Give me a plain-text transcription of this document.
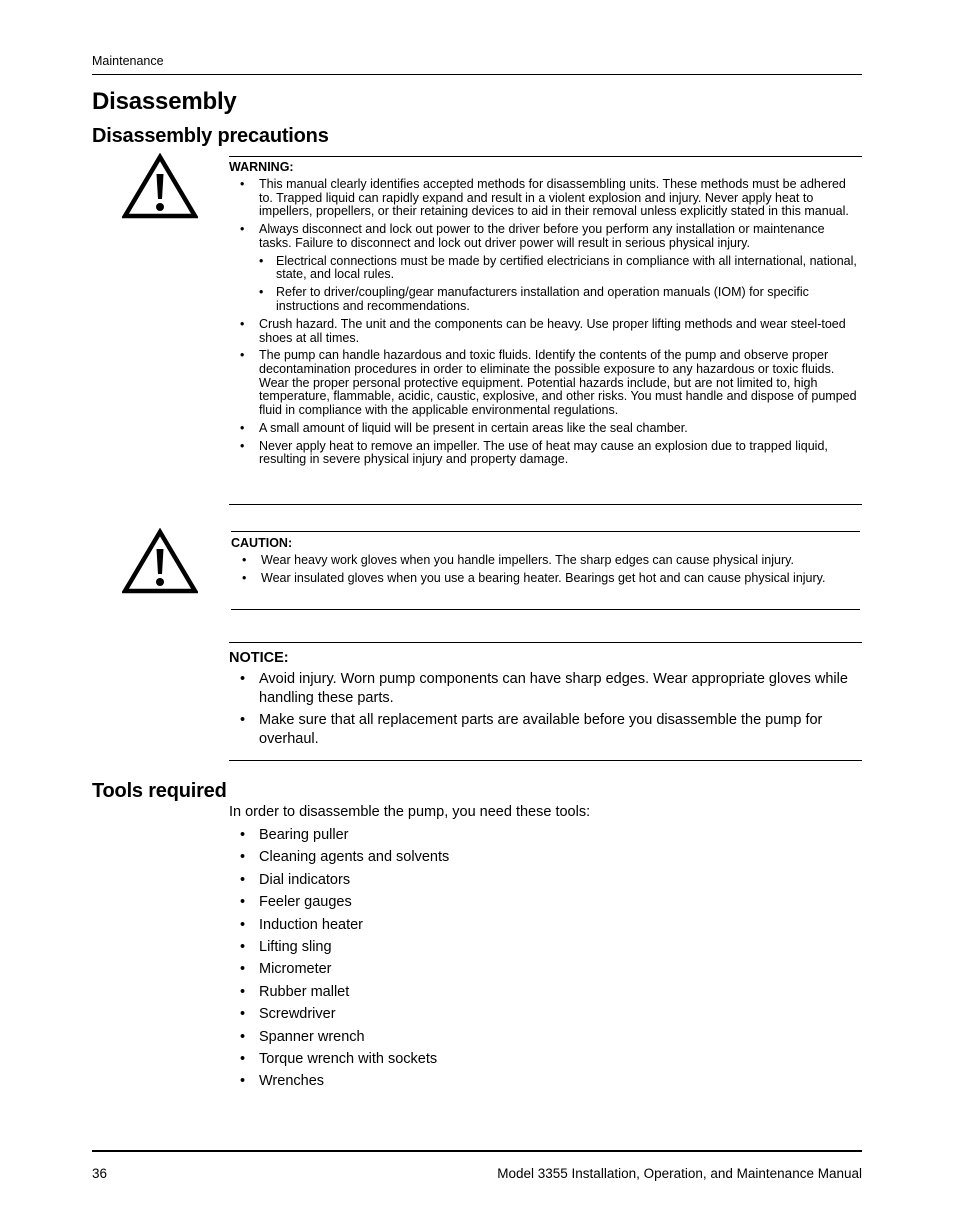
Maintenance
Disassembly
Disassembly precautions
WARNING:
• This manual clearly identifies accepted methods for disassembling units. These methods must be adhered to. Trapped liquid can rapidly expand and result in a violent explosion and injury. Never apply heat to impellers, propellers, or their retaining devices to aid in their removal unless explicitly stated in this manual.
• Always disconnect and lock out power to the driver before you perform any installation or maintenance tasks. Failure to disconnect and lock out driver power will result in serious physical injury.
• Electrical connections must be made by certified electricians in compliance with all international, national, state, and local rules.
• Refer to driver/coupling/gear manufacturers installation and operation manuals (IOM) for specific instructions and recommendations.
• Crush hazard. The unit and the components can be heavy. Use proper lifting methods and wear steel-toed shoes at all times.
• The pump can handle hazardous and toxic fluids. Identify the contents of the pump and observe proper decontamination procedures in order to eliminate the possible exposure to any hazardous or toxic fluids. Wear the proper personal protective equipment. Potential hazards include, but are not limited to, high temperature, flammable, acidic, caustic, explosive, and other risks. You must handle and dispose of pumped fluid in compliance with the applicable environmental regulations.
• A small amount of liquid will be present in certain areas like the seal chamber.
• Never apply heat to remove an impeller. The use of heat may cause an explosion due to trapped liquid, resulting in severe physical injury and property damage.
CAUTION:
• Wear heavy work gloves when you handle impellers. The sharp edges can cause physical injury.
• Wear insulated gloves when you use a bearing heater. Bearings get hot and can cause physical injury.
NOTICE:
• Avoid injury. Worn pump components can have sharp edges. Wear appropriate gloves while handling these parts.
• Make sure that all replacement parts are available before you disassemble the pump for overhaul.
Tools required
In order to disassemble the pump, you need these tools:
• Bearing puller
• Cleaning agents and solvents
• Dial indicators
• Feeler gauges
• Induction heater
• Lifting sling
• Micrometer
• Rubber mallet
• Screwdriver
• Spanner wrench
• Torque wrench with sockets
• Wrenches
36	Model 3355 Installation, Operation, and Maintenance Manual
